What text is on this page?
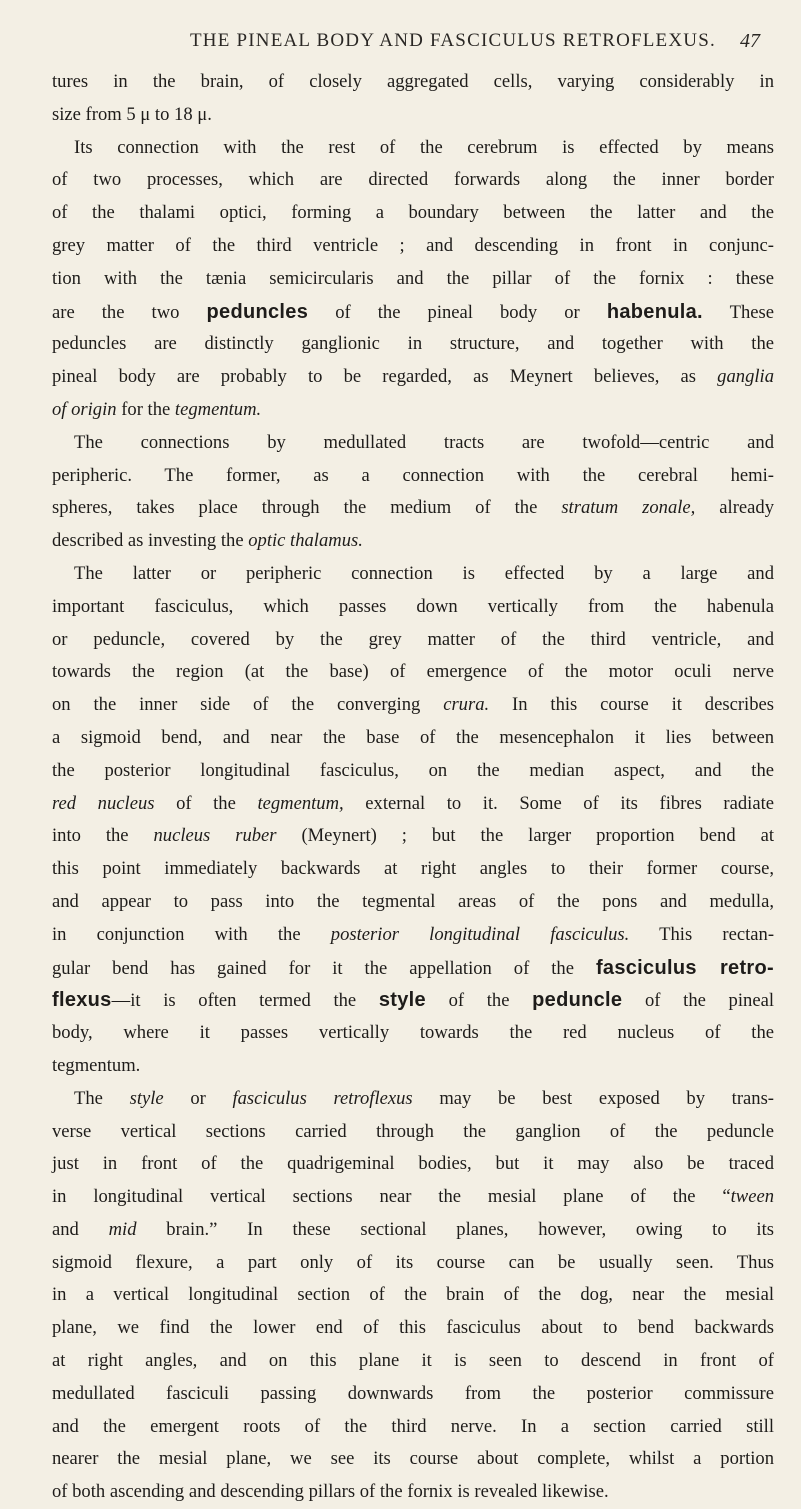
THE PINEAL BODY AND FASCICULUS RETROFLEXUS. 47
tures in the brain, of closely aggregated cells, varying considerably in
size from 5 μ to 18 μ.
Its connection with the rest of the cerebrum is effected by means
of two processes, which are directed forwards along the inner border
of the thalami optici, forming a boundary between the latter and the
grey matter of the third ventricle ; and descending in front in conjunc-
tion with the tænia semicircularis and the pillar of the fornix : these
are the two peduncles of the pineal body or habenula. These
peduncles are distinctly ganglionic in structure, and together with the
pineal body are probably to be regarded, as Meynert believes, as ganglia
of origin for the tegmentum.
The connections by medullated tracts are twofold—centric and
peripheric. The former, as a connection with the cerebral hemi-
spheres, takes place through the medium of the stratum zonale, already
described as investing the optic thalamus.
The latter or peripheric connection is effected by a large and
important fasciculus, which passes down vertically from the habenula
or peduncle, covered by the grey matter of the third ventricle, and
towards the region (at the base) of emergence of the motor oculi nerve
on the inner side of the converging crura. In this course it describes
a sigmoid bend, and near the base of the mesencephalon it lies between
the posterior longitudinal fasciculus, on the median aspect, and the
red nucleus of the tegmentum, external to it. Some of its fibres radiate
into the nucleus ruber (Meynert) ; but the larger proportion bend at
this point immediately backwards at right angles to their former course,
and appear to pass into the tegmental areas of the pons and medulla,
in conjunction with the posterior longitudinal fasciculus. This rectan-
gular bend has gained for it the appellation of the fasciculus retro-
flexus—it is often termed the style of the peduncle of the pineal
body, where it passes vertically towards the red nucleus of the
tegmentum.
The style or fasciculus retroflexus may be best exposed by trans-
verse vertical sections carried through the ganglion of the peduncle
just in front of the quadrigeminal bodies, but it may also be traced
in longitudinal vertical sections near the mesial plane of the “tween
and mid brain.” In these sectional planes, however, owing to its
sigmoid flexure, a part only of its course can be usually seen. Thus
in a vertical longitudinal section of the brain of the dog, near the mesial
plane, we find the lower end of this fasciculus about to bend backwards
at right angles, and on this plane it is seen to descend in front of
medullated fasciculi passing downwards from the posterior commissure
and the emergent roots of the third nerve. In a section carried still
nearer the mesial plane, we see its course about complete, whilst a portion
of both ascending and descending pillars of the fornix is revealed likewise.
